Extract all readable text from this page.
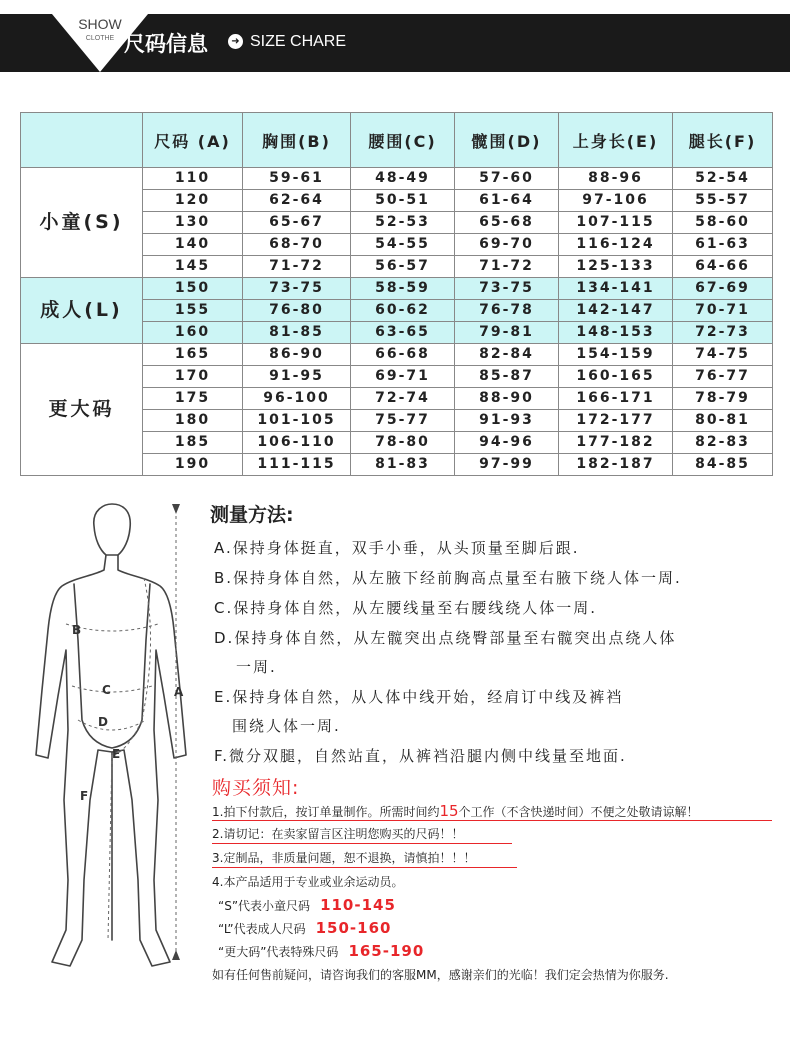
SHOW
CLOTHE 尺码信息	➜ SIZE CHARE
	尺码 (A)	胸围(B)	腰围(C)	髋围(D)	上身长(E)	腿长(F)
小童(S)	110	59-61	48-49	57-60	88-96	52-54
	120	62-64	50-51	61-64	97-106	55-57
	130	65-67	52-53	65-68	107-115	58-60
	140	68-70	54-55	69-70	116-124	61-63
	145	71-72	56-57	71-72	125-133	64-66
成人(L)	150	73-75	58-59	73-75	134-141	67-69
	155	76-80	60-62	76-78	142-147	70-71
	160	81-85	63-65	79-81	148-153	72-73
更大码	165	86-90	66-68	82-84	154-159	74-75
	170	91-95	69-71	85-87	160-165	76-77
	175	96-100	72-74	88-90	166-171	78-79
	180	101-105	75-77	91-93	172-177	80-81
	185	106-110	78-80	94-96	177-182	82-83
	190	111-115	81-83	97-99	182-187	84-85
A
B
C
D
E
F
测量方法:
A.保持身体挺直，双手小垂，从头顶量至脚后跟.
B.保持身体自然，从左腋下经前胸高点量至右腋下绕人体一周.
C.保持身体自然，从左腰线量至右腰线绕人体一周.
D.保持身体自然，从左髋突出点绕臀部量至右髋突出点绕人体
一周.
E.保持身体自然，从人体中线开始，经肩订中线及裤裆
围绕人体一周.
F.微分双腿，自然站直，从裤裆沿腿内侧中线量至地面.
购买须知:
1.拍下付款后，按订单量制作。所需时间约15个工作（不含快递时间）不便之处敬请谅解！
2.请切记：在卖家留言区注明您购买的尺码！！
3.定制品，非质量问题，恕不退换，请慎拍！！！
4.本产品适用于专业或业余运动员。
“S”代表小童尺码 110-145
“L”代表成人尺码 150-160
“更大码”代表特殊尺码 165-190
如有任何售前疑问，请咨询我们的客服MM，感谢亲们的光临！我们定会热情为你服务.
